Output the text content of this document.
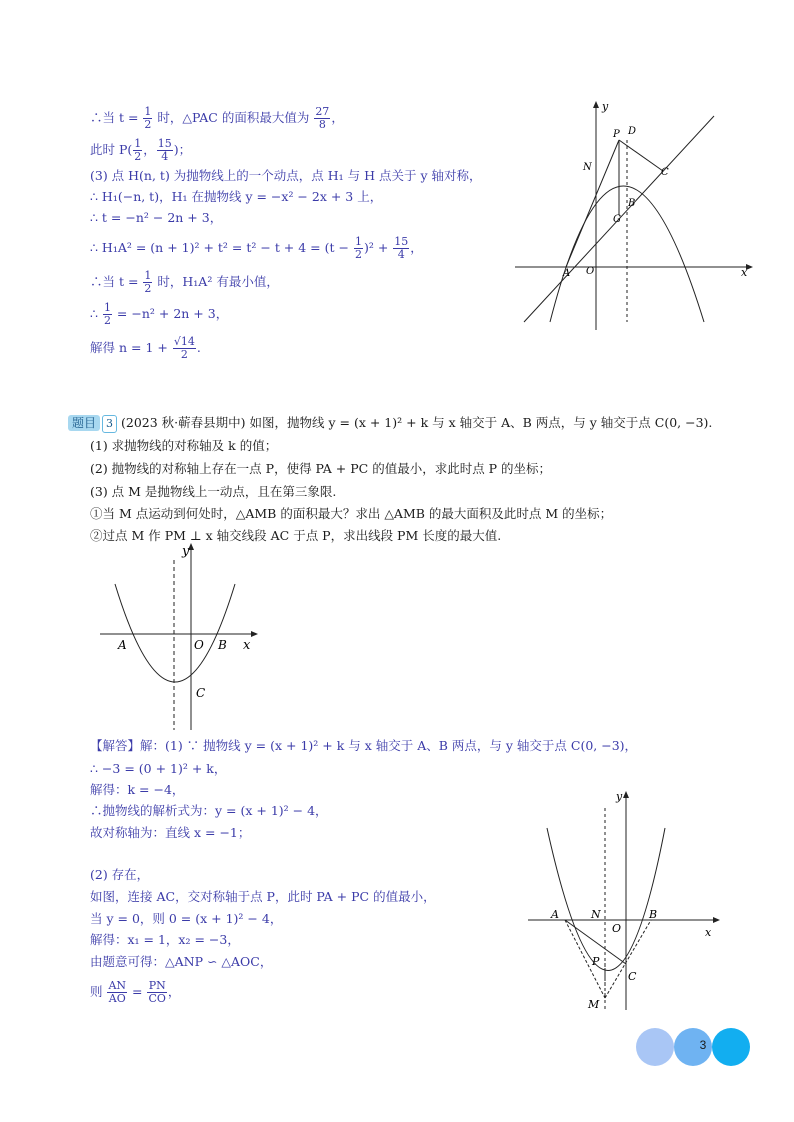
∴当 $t = \frac{1}{2}$ 时，△PAC 的面积最大值为 $\frac{27}{8}$ ，
此时 $P( \frac{1}{2}$ ， $\frac{15}{4}$ )；
(3) 点 H(n, t) 为抛物线上的一个动点，点 H₁ 与 H 点关于 y 轴对称，
∴ H₁(−n, t)，H₁ 在抛物线 y = −x² − 2x + 3 上，
∴ t = −n² − 2n + 3，
∴ $H_1A^2 = (n + 1)^2 + t^2 = t^2 - t + 4 = (t - \frac{1}{2} )^2 + \frac{15}{4}$ ，
∴当 $t = \frac{1}{2}$ 时，H₁A² 有最小值，
∴ $\frac{1}{2} = -n^2 + 2n + 3$，
解得 $n = 1 + \frac{√14}{2}$ .
y
x
P D
N	C
G
B
A O
题目 3 (2023 秋·蕲春县期中) 如图，抛物线 y = (x + 1)² + k 与 x 轴交于 A、B 两点，与 y 轴交于点 C(0, −3).
(1) 求抛物线的对称轴及 k 的值；
(2) 抛物线的对称轴上存在一点 P，使得 PA + PC 的值最小，求此时点 P 的坐标；
(3) 点 M 是抛物线上一动点，且在第三象限.
①当 M 点运动到何处时，△AMB 的面积最大？求出 △AMB 的最大面积及此时点 M 的坐标；
②过点 M 作 PM ⊥ x 轴交线段 AC 于点 P，求出线段 PM 长度的最大值.
y
x
A	O B
C
【解答】解：(1) ∵ 抛物线 y = (x + 1)² + k 与 x 轴交于 A、B 两点，与 y 轴交于点 C(0, −3)，
∴ −3 = (0 + 1)² + k，
解得：k = −4，
∴抛物线的解析式为：y = (x + 1)² − 4，
故对称轴为：直线 x = −1；
(2) 存在，
如图，连接 AC，交对称轴于点 P，此时 PA + PC 的值最小，
当 y = 0，则 0 = (x + 1)² − 4，
解得：x₁ = 1，x₂ = −3，
由题意可得：△ANP ∽ △AOC，
则 $\frac{AN}{AO} = \frac{PN}{CO}$ ，
y
x
A	N
O
B
P
C
M
3
